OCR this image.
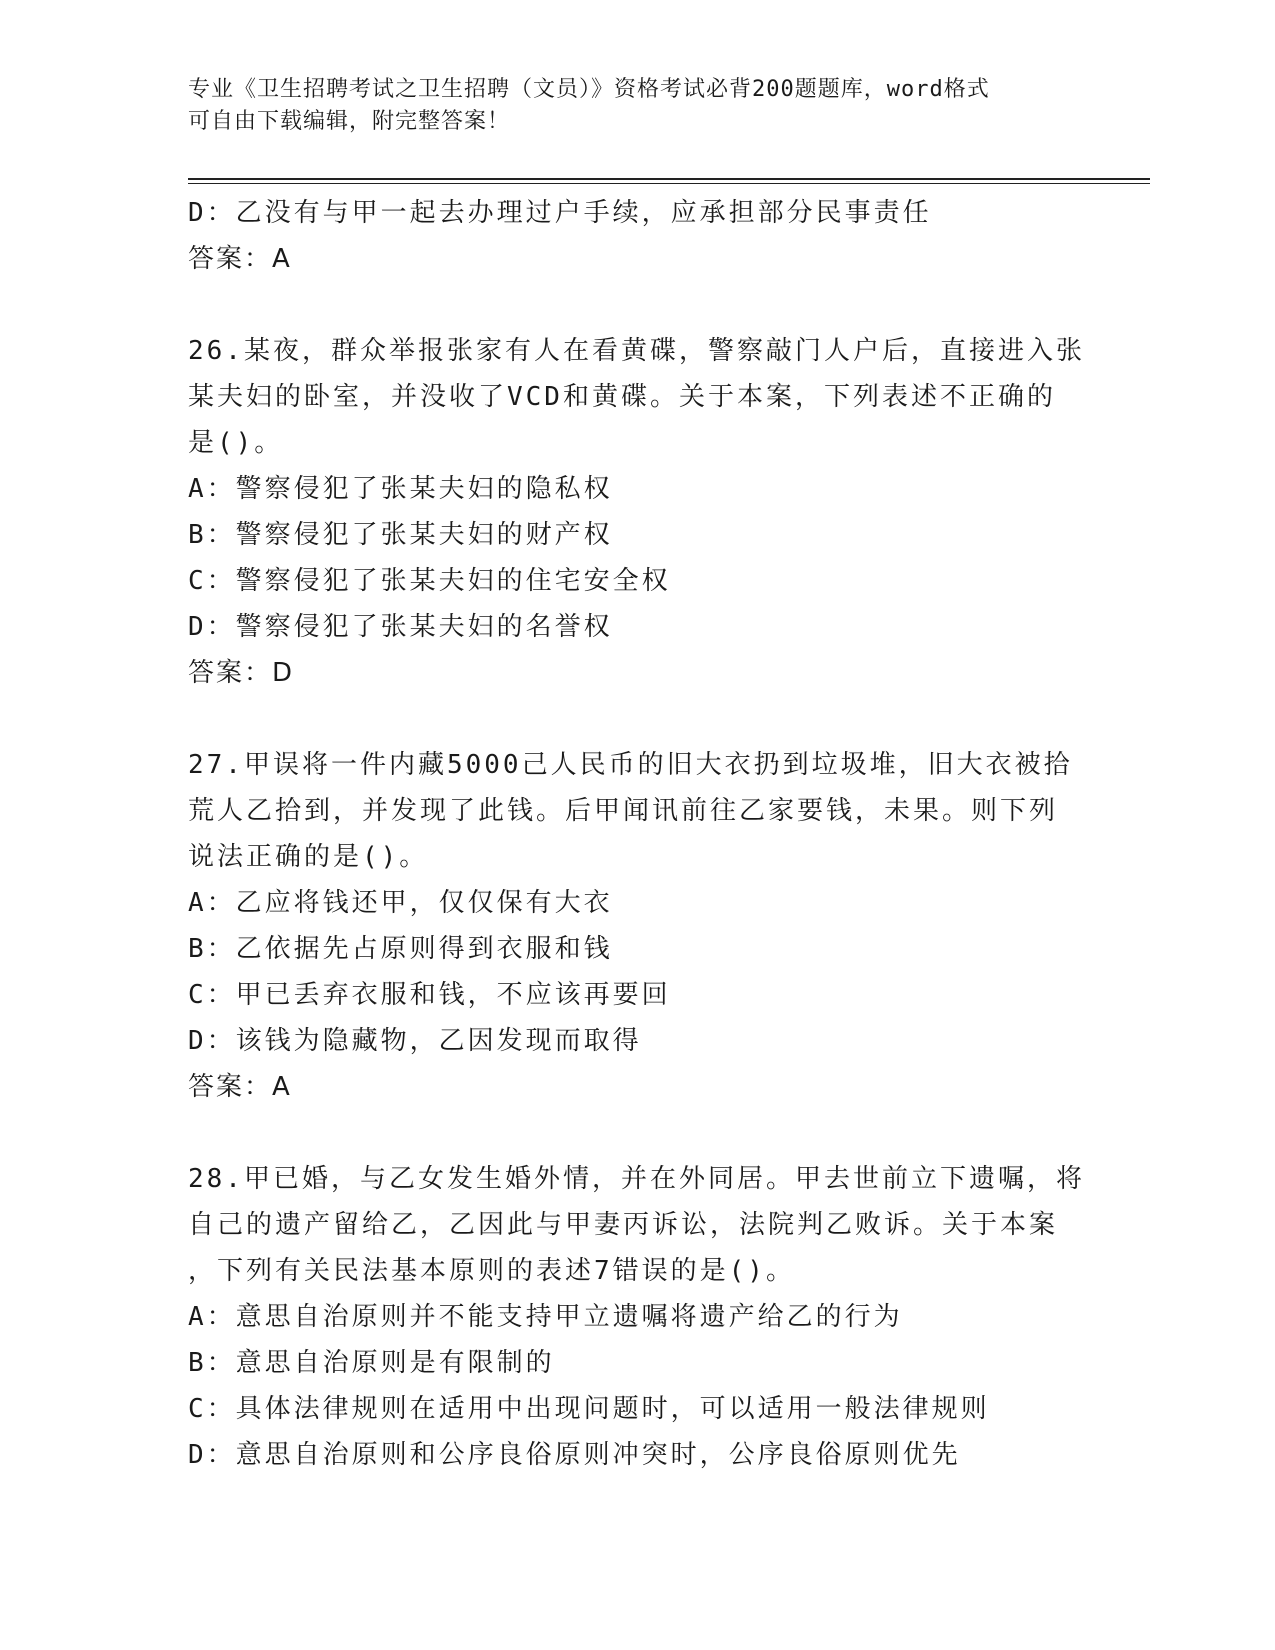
专业《卫生招聘考试之卫生招聘（文员）》资格考试必背200题题库，word格式
可自由下载编辑，附完整答案！
D：乙没有与甲一起去办理过户手续，应承担部分民事责任
答案：A
26.某夜，群众举报张家有人在看黄碟，警察敲门人户后，直接进入张
某夫妇的卧室，并没收了VCD和黄碟。关于本案，下列表述不正确的
是()。
A：警察侵犯了张某夫妇的隐私权
B：警察侵犯了张某夫妇的财产权
C：警察侵犯了张某夫妇的住宅安全权
D：警察侵犯了张某夫妇的名誉权
答案：D
27.甲误将一件内藏5000己人民币的旧大衣扔到垃圾堆，旧大衣被拾
荒人乙拾到，并发现了此钱。后甲闻讯前往乙家要钱，未果。则下列
说法正确的是()。
A：乙应将钱还甲，仅仅保有大衣
B：乙依据先占原则得到衣服和钱
C：甲已丢弃衣服和钱，不应该再要回
D：该钱为隐藏物，乙因发现而取得
答案：A
28.甲已婚，与乙女发生婚外情，并在外同居。甲去世前立下遗嘱，将
自己的遗产留给乙，乙因此与甲妻丙诉讼，法院判乙败诉。关于本案
，下列有关民法基本原则的表述7错误的是()。
A：意思自治原则并不能支持甲立遗嘱将遗产给乙的行为
B：意思自治原则是有限制的
C：具体法律规则在适用中出现问题时，可以适用一般法律规则
D：意思自治原则和公序良俗原则冲突时，公序良俗原则优先
